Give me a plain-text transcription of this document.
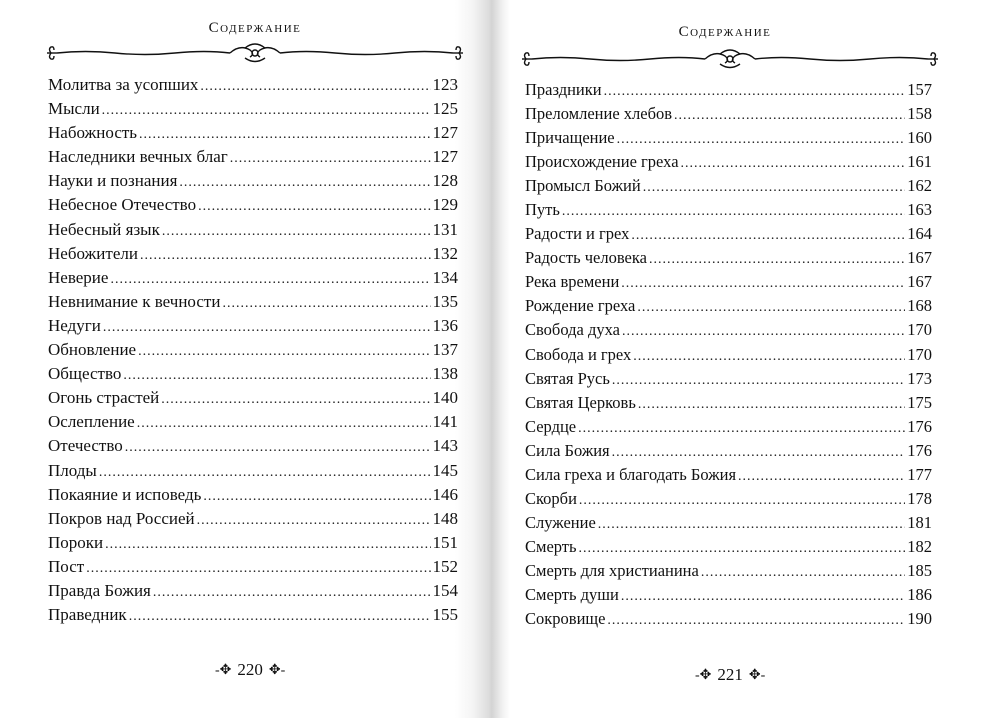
Содержание
Молитва за усопших .....	123
Мысли .....	125
Набожность .....	127
Наследники вечных благ .....	127
Науки и познания .....	128
Небесное Отечество .....	129
Небесный язык .....	131
Небожители .....	132
Неверие .....	134
Невнимание к вечности .....	135
Недуги .....	136
Обновление .....	137
Общество .....	138
Огонь страстей .....	140
Ослепление .....	141
Отечество .....	143
Плоды .....	145
Покаяние и исповедь .....	146
Покров над Россией .....	148
Пороки .....	151
Пост .....	152
Правда Божия .....	154
Праведник .....	155
-✥ 220 ✥-
Содержание
Праздники .....	157
Преломление хлебов .....	158
Причащение .....	160
Происхождение греха .....	161
Промысл Божий .....	162
Путь .....	163
Радости и грех .....	164
Радость человека .....	167
Река времени .....	167
Рождение греха .....	168
Свобода духа .....	170
Свобода и грех .....	170
Святая Русь .....	173
Святая Церковь .....	175
Сердце .....	176
Сила Божия .....	176
Сила греха и благодать Божия .....	177
Скорби .....	178
Служение .....	181
Смерть .....	182
Смерть для христианина .....	185
Смерть души .....	186
Сокровище .....	190
-✥ 221 ✥-
